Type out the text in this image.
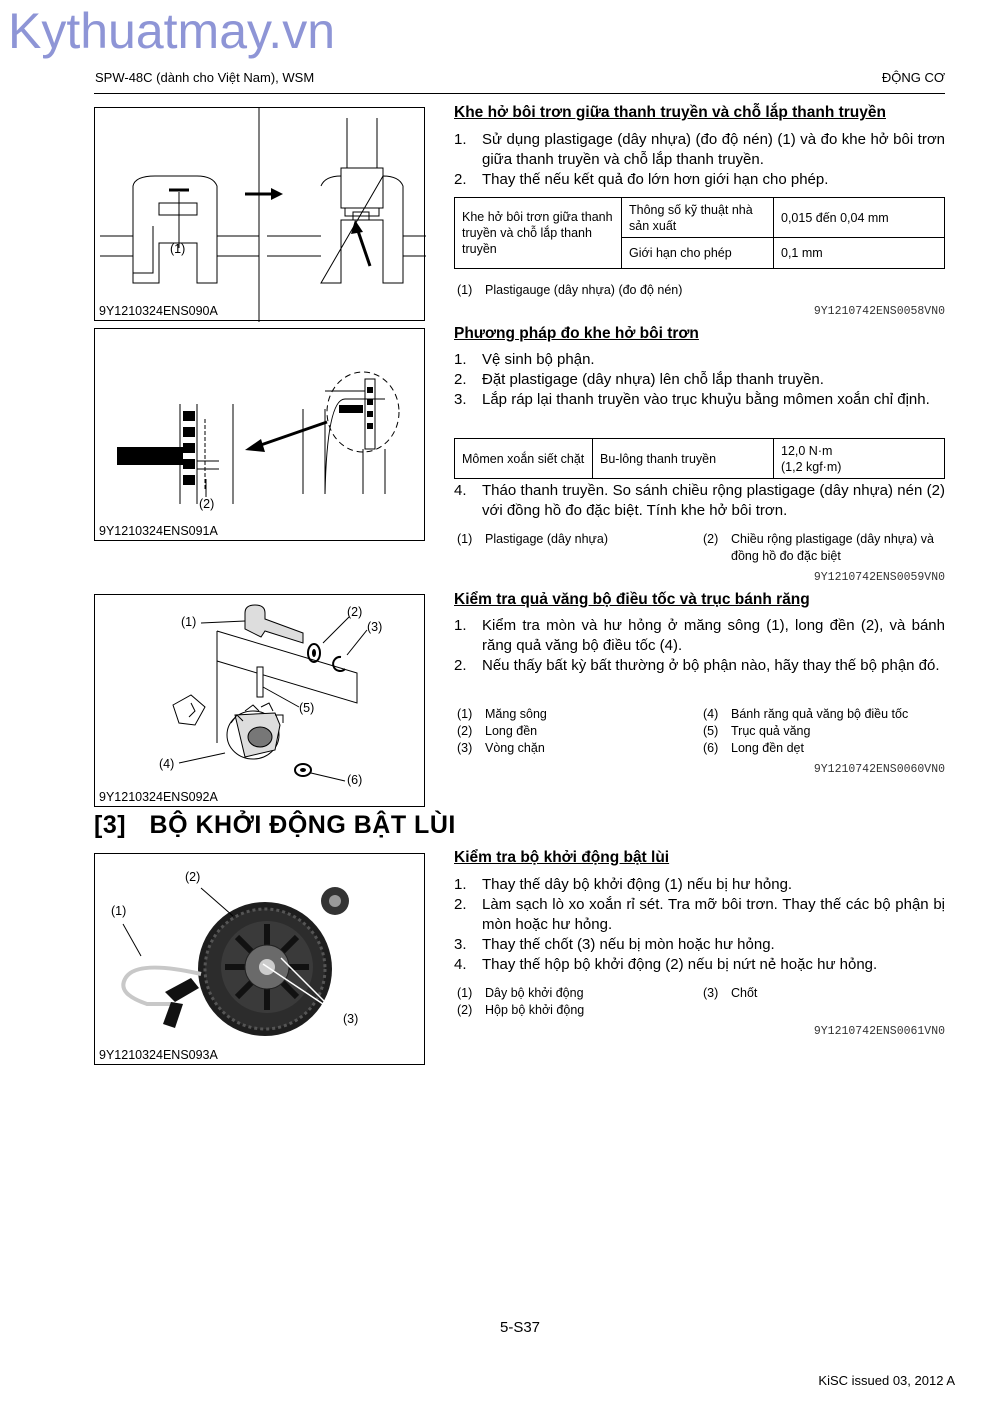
Kythuatmay.vn
SPW-48C (dành cho Việt Nam), WSM	ĐỘNG CƠ
(1)
9Y1210324ENS090A
(2)
9Y1210324ENS091A
(1)
(2)
(3)
(4)
(5)
(6)
9Y1210324ENS092A
[3] BỘ KHỞI ĐỘNG BẬT LÙI
(1)
(2)
(3)
9Y1210324ENS093A
Khe hở bôi trơn giữa thanh truyền và chỗ lắp thanh truyền
1.	Sử dụng plastigage (dây nhựa) (đo độ nén) (1) và đo khe hở bôi trơn giữa thanh truyền và chỗ lắp thanh truyền.
2.	Thay thế nếu kết quả đo lớn hơn giới hạn cho phép.
Khe hở bôi trơn giữa thanh truyền và chỗ lắp thanh truyền	Thông số kỹ thuật nhà sản xuất	0,015 đến 0,04 mm
	Giới hạn cho phép	0,1 mm
(1)	Plastigauge (dây nhựa) (đo độ nén)
9Y1210742ENS0058VN0
Phương pháp đo khe hở bôi trơn
1.	Vệ sinh bộ phận.
2.	Đặt plastigage (dây nhựa) lên chỗ lắp thanh truyền.
3.	Lắp ráp lại thanh truyền vào trục khuỷu bằng mômen xoắn chỉ định.
Mômen xoắn siết chặt	Bu-lông thanh truyền	12,0 N·m
(1,2 kgf·m)
4.	Tháo thanh truyền. So sánh chiều rộng plastigage (dây nhựa) nén (2) với đồng hồ đo đặc biệt. Tính khe hở bôi trơn.
(1)	Plastigage (dây nhựa)	(2)	Chiều rộng plastigage (dây nhựa) và đồng hồ đo đặc biệt
9Y1210742ENS0059VN0
Kiểm tra quả văng bộ điều tốc và trục bánh răng
1.	Kiểm tra mòn và hư hỏng ở măng sông (1), long đền (2), và bánh răng quả văng bộ điều tốc (4).
2.	Nếu thấy bất kỳ bất thường ở bộ phận nào, hãy thay thế bộ phận đó.
(1)	Măng sông
(2)	Long đền
(3)	Vòng chặn
(4)	Bánh răng quả văng bộ điều tốc
(5)	Trục quả văng
(6)	Long đền dẹt
9Y1210742ENS0060VN0
Kiểm tra bộ khởi động bật lùi
1.	Thay thế dây bộ khởi động (1) nếu bị hư hỏng.
2.	Làm sạch lò xo xoắn rỉ sét. Tra mỡ bôi trơn. Thay thế các bộ phận bị mòn hoặc hư hỏng.
3.	Thay thế chốt (3) nếu bị mòn hoặc hư hỏng.
4.	Thay thế hộp bộ khởi động (2) nếu bị nứt nẻ hoặc hư hỏng.
(1)	Dây bộ khởi động
(2)	Hộp bộ khởi động
(3)	Chốt
9Y1210742ENS0061VN0
5-S37
KiSC issued 03, 2012 A
